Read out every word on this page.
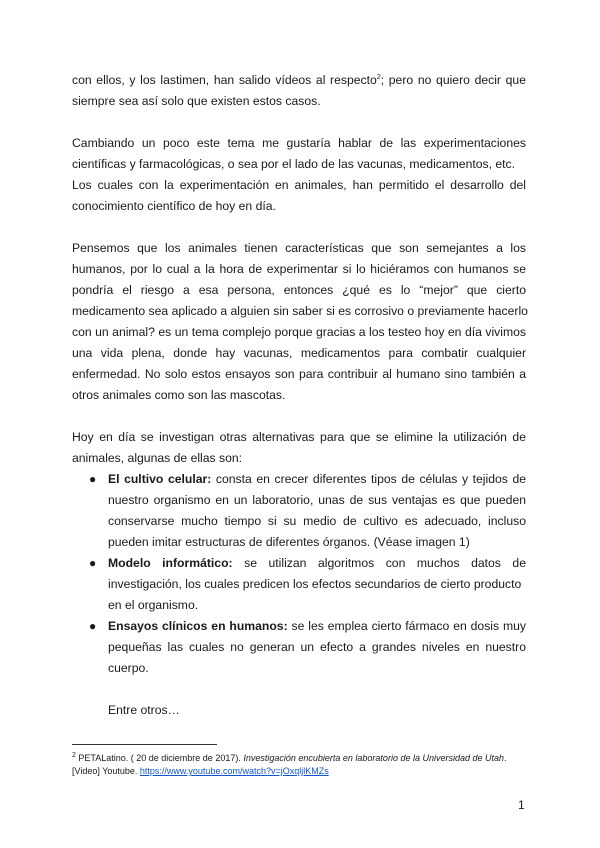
con ellos, y los lastimen, han salido vídeos al respecto$^2$; pero no quiero decir que
siempre sea así solo que existen estos casos.
Cambiando un poco este tema me gustaría hablar de las experimentaciones
científicas y farmacológicas, o sea por el lado de las vacunas, medicamentos, etc.
Los cuales con la experimentación en animales, han permitido el desarrollo del
conocimiento científico de hoy en día.
Pensemos que los animales tienen características que son semejantes a los
humanos, por lo cual a la hora de experimentar si lo hiciéramos con humanos se
pondría el riesgo a esa persona, entonces ¿qué es lo “mejor” que cierto
medicamento sea aplicado a alguien sin saber si es corrosivo o previamente hacerlo
con un animal? es un tema complejo porque gracias a los testeo hoy en día vivimos
una vida plena, donde hay vacunas, medicamentos para combatir cualquier
enfermedad. No solo estos ensayos son para contribuir al humano sino también a
otros animales como son las mascotas.
Hoy en día se investigan otras alternativas para que se elimine la utilización de
animales, algunas de ellas son:
● El cultivo celular: consta en crecer diferentes tipos de células y tejidos de
nuestro organismo en un laboratorio, unas de sus ventajas es que pueden
conservarse mucho tiempo si su medio de cultivo es adecuado, incluso
pueden imitar estructuras de diferentes órganos. (Véase imagen 1)
● Modelo informático: se utilizan algoritmos con muchos datos de
investigación, los cuales predicen los efectos secundarios de cierto producto
en el organismo.
● Ensayos clínicos en humanos: se les emplea cierto fármaco en dosis muy
pequeñas las cuales no generan un efecto a grandes niveles en nuestro
cuerpo.
Entre otros…
$^2$ PETALatino. ( 20 de diciembre de 2017). Investigación encubierta en laboratorio de la Universidad de Utah. [Video] Youtube. https://www.youtube.com/watch?v=jOxqljlKMZs
1
